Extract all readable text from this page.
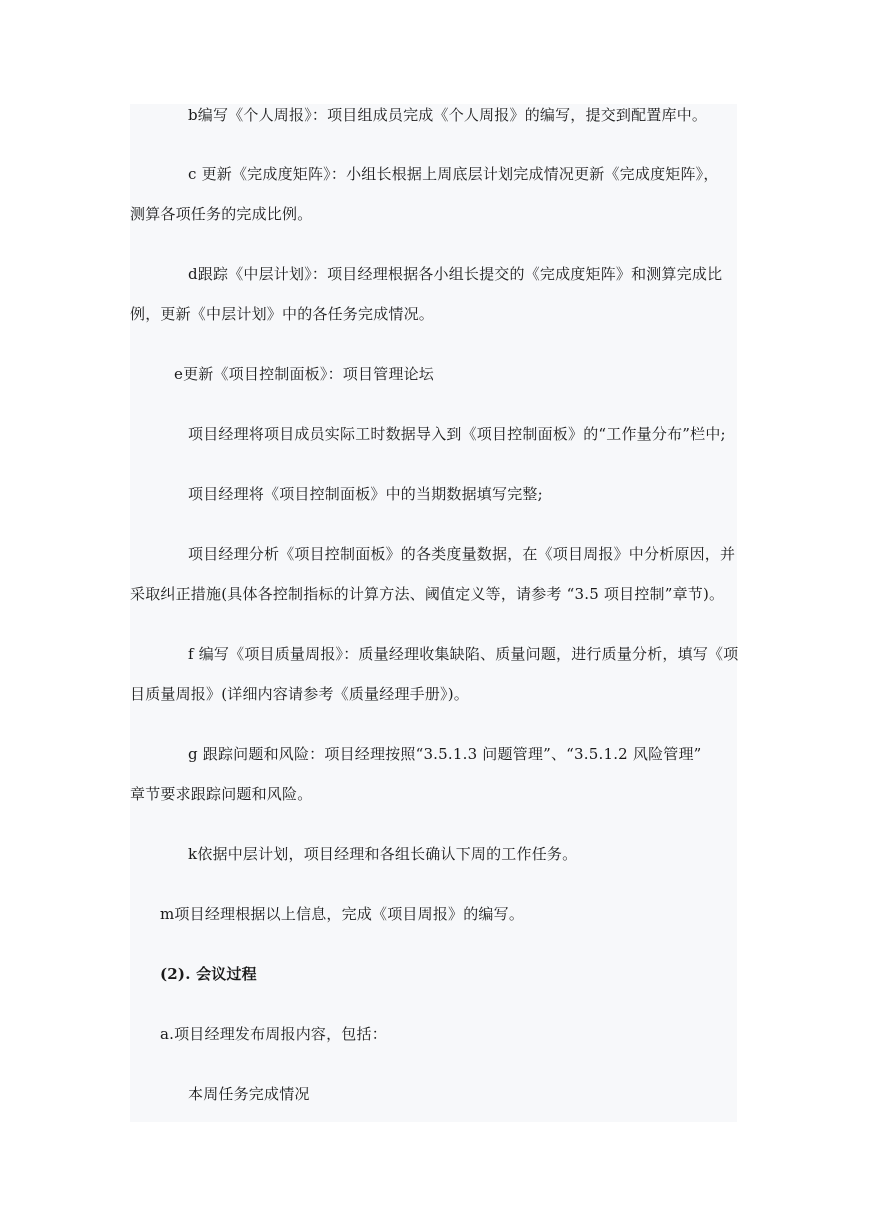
b编写《个人周报》：项目组成员完成《个人周报》的编写，提交到配置库中。

c 更新《完成度矩阵》：小组长根据上周底层计划完成情况更新《完成度矩阵》，

测算各项任务的完成比例。

d跟踪《中层计划》：项目经理根据各小组长提交的《完成度矩阵》和测算完成比

例，更新《中层计划》中的各任务完成情况。

e更新《项目控制面板》：项目管理论坛

项目经理将项目成员实际工时数据导入到《项目控制面板》的“工作量分布”栏中;

项目经理将《项目控制面板》中的当期数据填写完整;

项目经理分析《项目控制面板》的各类度量数据，在《项目周报》中分析原因，并

采取纠正措施(具体各控制指标的计算方法、阈值定义等，请参考 “3.5 项目控制”章节)。

f 编写《项目质量周报》：质量经理收集缺陷、质量问题，进行质量分析，填写《项

目质量周报》(详细内容请参考《质量经理手册》)。

g 跟踪问题和风险：项目经理按照“3.5.1.3 问题管理”、“3.5.1.2 风险管理”

章节要求跟踪问题和风险。

k依据中层计划，项目经理和各组长确认下周的工作任务。

m项目经理根据以上信息，完成《项目周报》的编写。

(2). 会议过程

a.项目经理发布周报内容，包括：

本周任务完成情况
